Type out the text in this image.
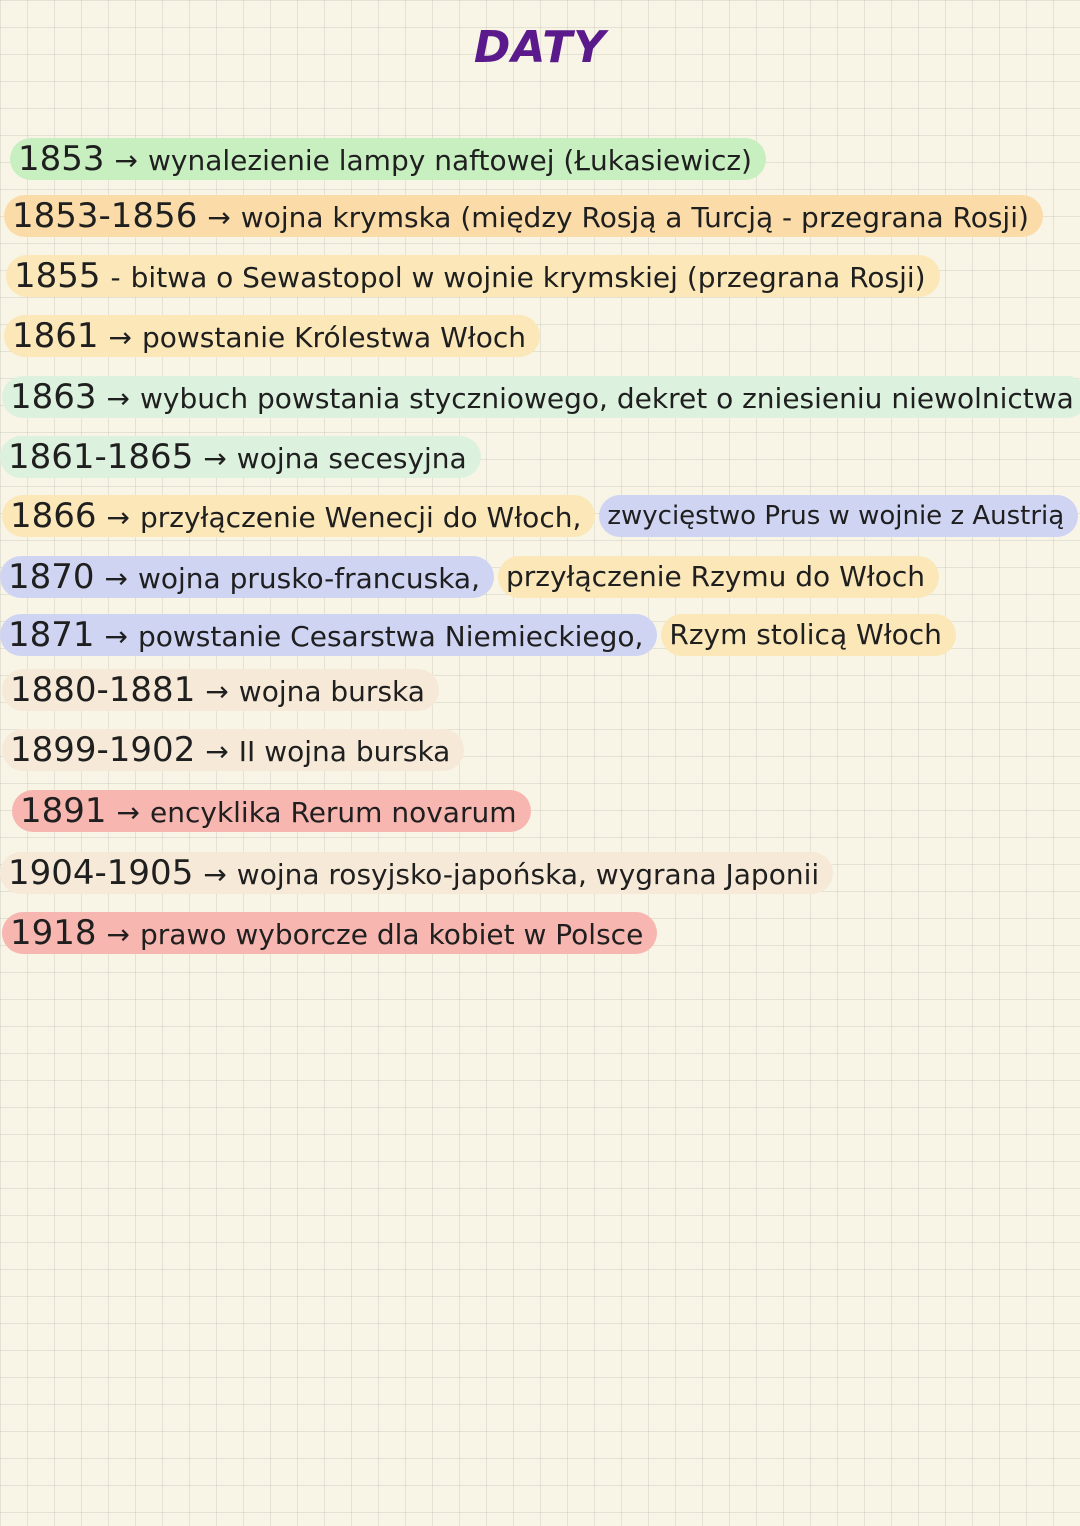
DATY
1853 → wynalezienie lampy naftowej (Łukasiewicz)
1853-1856 → wojna krymska (między Rosją a Turcją - przegrana Rosji)
1855 - bitwa o Sewastopol w wojnie krymskiej (przegrana Rosji)
1861 → powstanie Królestwa Włoch
1863 → wybuch powstania styczniowego, dekret o zniesieniu niewolnictwa
1861-1865 → wojna secesyjna
1866 → przyłączenie Wenecji do Włoch,	zwycięstwo Prus w wojnie z Austrią
1870 → wojna prusko-francuska, przyłączenie Rzymu do Włoch
1871 → powstanie Cesarstwa Niemieckiego, Rzym stolicą Włoch
1880-1881 → wojna burska
1899-1902 → II wojna burska
1891 → encyklika Rerum novarum
1904-1905 → wojna rosyjsko-japońska, wygrana Japonii
1918 → prawo wyborcze dla kobiet w Polsce
